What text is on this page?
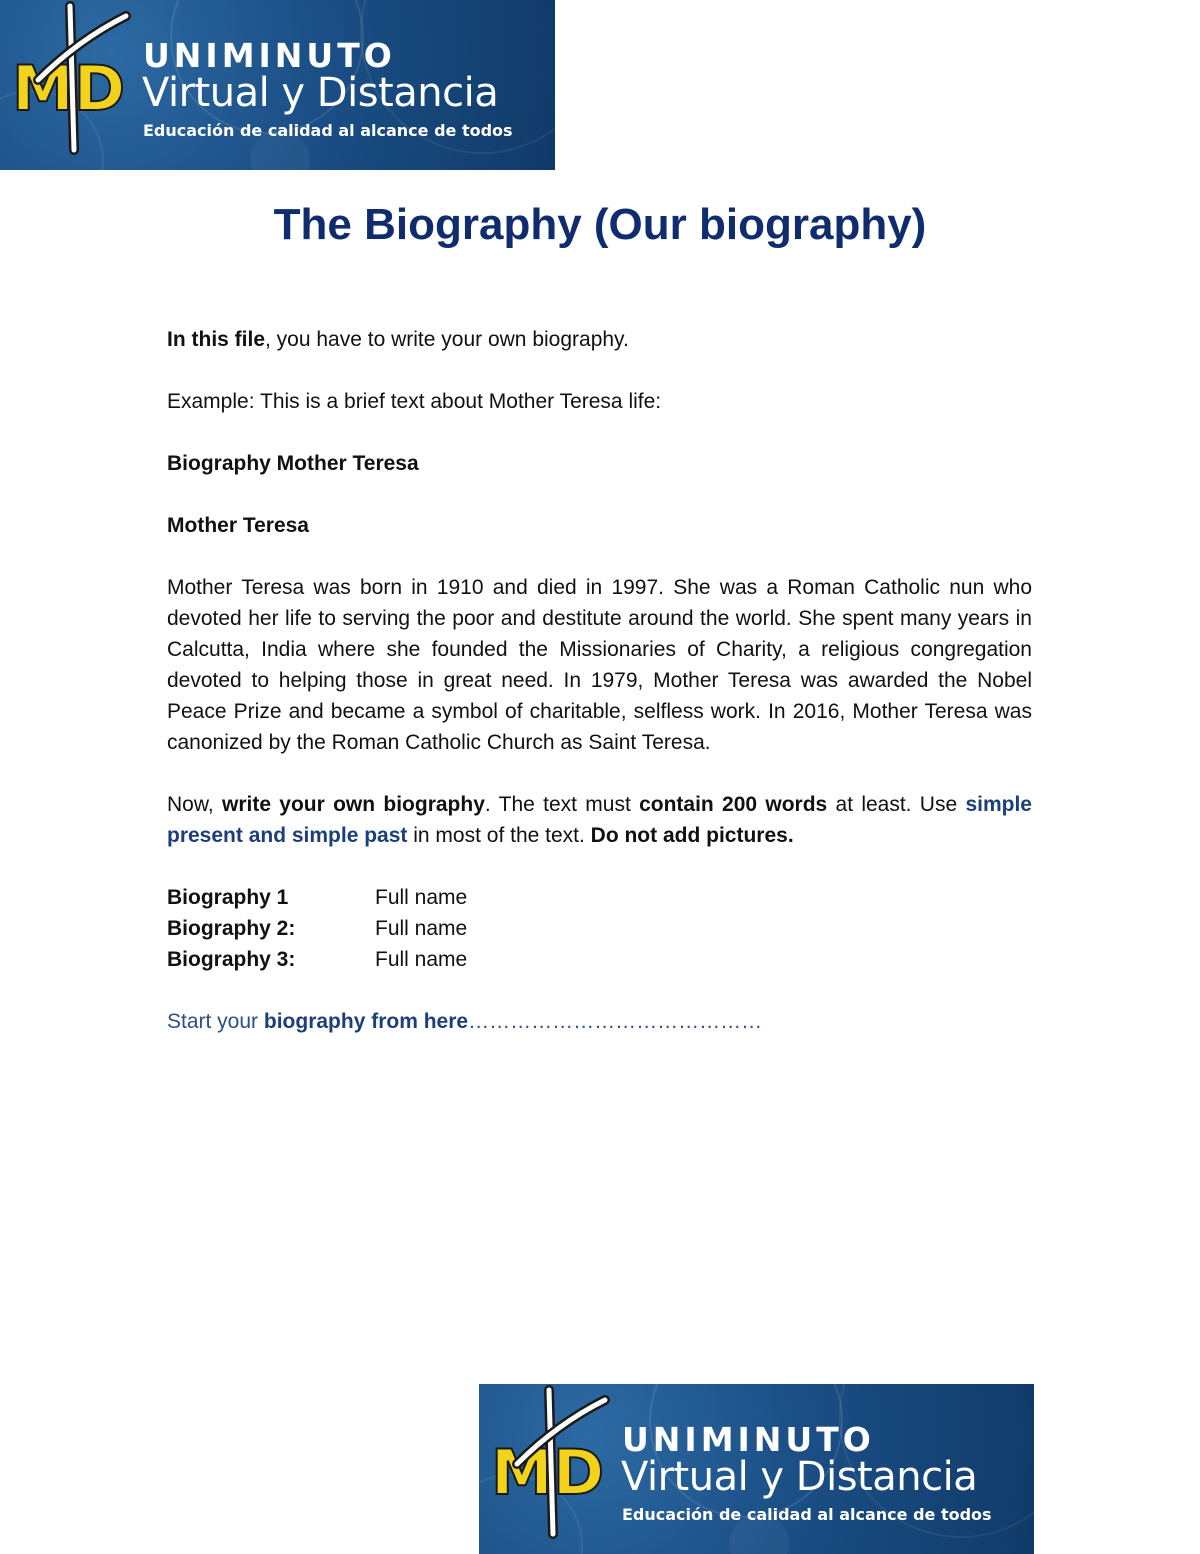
MD UNIMINUTO
Virtual y Distancia
Educación de calidad al alcance de todos
The Biography (Our biography)

In this file, you have to write your own biography.

Example: This is a brief text about Mother Teresa life:

Biography Mother Teresa

Mother Teresa

Mother Teresa was born in 1910 and died in 1997. She was a Roman Catholic nun who devoted her life to serving the poor and destitute around the world. She spent many years in Calcutta, India where she founded the Missionaries of Charity, a religious congregation devoted to helping those in great need. In 1979, Mother Teresa was awarded the Nobel Peace Prize and became a symbol of charitable, selfless work. In 2016, Mother Teresa was canonized by the Roman Catholic Church as Saint Teresa.

Now, write your own biography. The text must contain 200 words at least. Use simple present and simple past in most of the text. Do not add pictures.

Biography 1	Full name
Biography 2:	Full name
Biography 3:	Full name

Start your biography from here……………………………………

MD UNIMINUTO
Virtual y Distancia
Educación de calidad al alcance de todos
